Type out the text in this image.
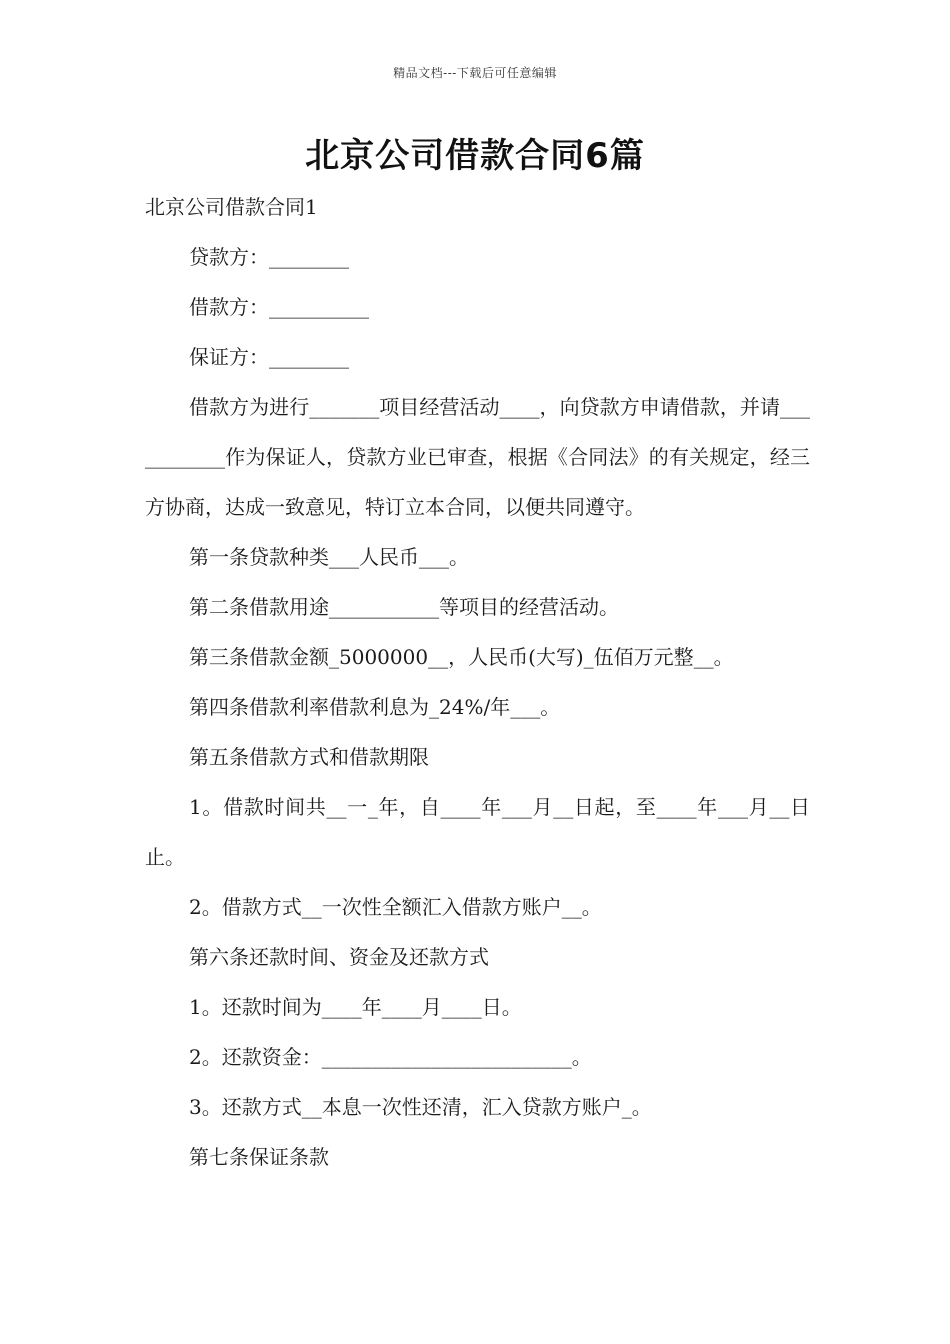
精品文档---下载后可任意编辑
北京公司借款合同6篇

北京公司借款合同1

贷款方：________

借款方：__________

保证方：________

借款方为进行_______项目经营活动____，向贷款方申请借款，并请___________作为保证人，贷款方业已审查，根据《合同法》的有关规定，经三方协商，达成一致意见，特订立本合同，以便共同遵守。

第一条贷款种类___人民币___。

第二条借款用途___________等项目的经营活动。

第三条借款金额_5000000__，人民币(大写)_伍佰万元整__。

第四条借款利率借款利息为_24%/年___。

第五条借款方式和借款期限

1。借款时间共__一_年，自____年___月__日起，至____年___月__日止。

2。借款方式__一次性全额汇入借款方账户__。

第六条还款时间、资金及还款方式

1。还款时间为____年____月____日。

2。还款资金：_________________________。

3。还款方式__本息一次性还清，汇入贷款方账户_。

第七条保证条款
